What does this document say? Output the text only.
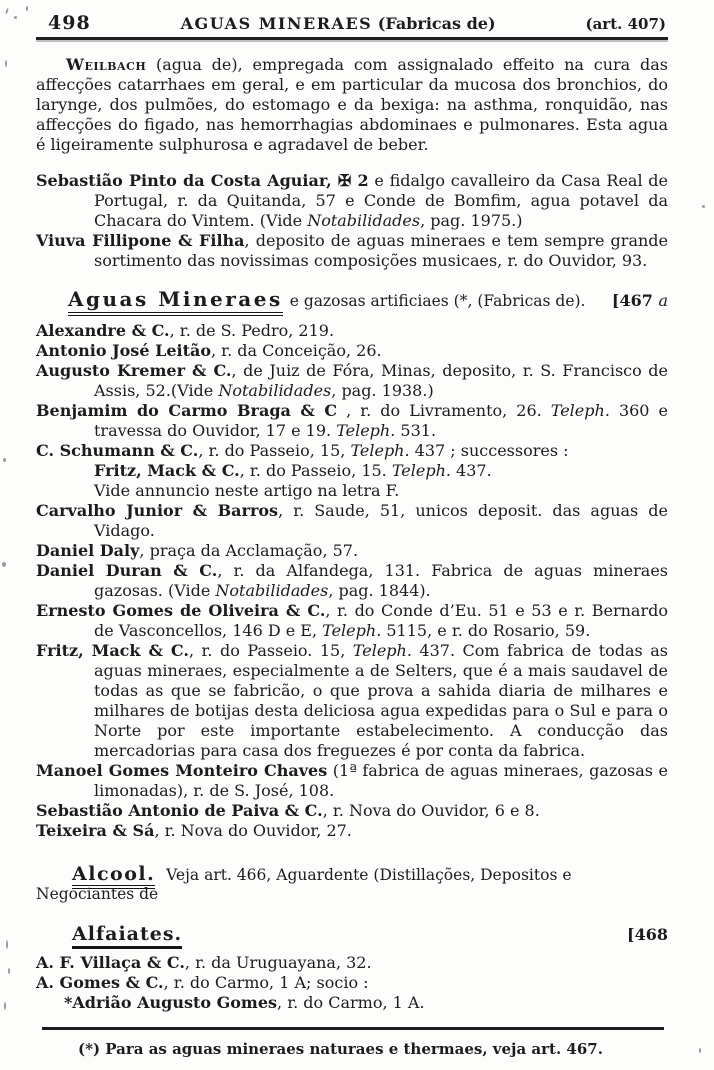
498	AGUAS MINERAES (Fabricas de)	(art. 407)

Weilbach (agua de), empregada com assignalado effeito na cura das affecções catarrhaes em geral, e em particular da mucosa dos bronchios, do larynge, dos pulmões, do estomago e da bexiga: na asthma, ronquidão, nas affecções do figado, nas hemorrhagias abdominaes e pulmonares. Esta agua é ligeiramente sulphurosa e agradavel de beber.

Sebastião Pinto da Costa Aguiar, ✠ 2 e fidalgo cavalleiro da Casa Real de Portugal, r. da Quitanda, 57 e Conde de Bomfim, agua potavel da Chacara do Vintem. (Vide Notabilidades, pag. 1975.)
Viuva Fillipone & Filha, deposito de aguas mineraes e tem sempre grande sortimento das novissimas composições musicaes, r. do Ouvidor, 93.
Aguas Mineraes e gazosas artificiaes (*, (Fabricas de). [467 a
Alexandre & C., r. de S. Pedro, 219.
Antonio José Leitão, r. da Conceição, 26.
Augusto Kremer & C., de Juiz de Fóra, Minas, deposito, r. S. Francisco de Assis, 52.(Vide Notabilidades, pag. 1938.)
Benjamim do Carmo Braga & C , r. do Livramento, 26. Teleph. 360 e travessa do Ouvidor, 17 e 19. Teleph. 531.
C. Schumann & C., r. do Passeio, 15, Teleph. 437 ; successores :
Fritz, Mack & C., r. do Passeio, 15. Teleph. 437.
Vide annuncio neste artigo na letra F.
Carvalho Junior & Barros, r. Saude, 51, unicos deposit. das aguas de Vidago.
Daniel Daly, praça da Acclamação, 57.
Daniel Duran & C., r. da Alfandega, 131. Fabrica de aguas mineraes gazosas. (Vide Notabilidades, pag. 1844).
Ernesto Gomes de Oliveira & C., r. do Conde d’Eu. 51 e 53 e r. Bernardo de Vasconcellos, 146 D e E, Teleph. 5115, e r. do Rosario, 59.
Fritz, Mack & C., r. do Passeio. 15, Teleph. 437. Com fabrica de todas as aguas mineraes, especialmente a de Selters, que é a mais saudavel de todas as que se fabricão, o que prova a sahida diaria de milhares e milhares de botijas desta deliciosa agua expedidas para o Sul e para o Norte por este importante estabelecimento. A conducção das mercadorias para casa dos freguezes é por conta da fabrica.
Manoel Gomes Monteiro Chaves (1ª fabrica de aguas mineraes, gazosas e limonadas), r. de S. José, 108.
Sebastião Antonio de Paiva & C., r. Nova do Ouvidor, 6 e 8.
Teixeira & Sá, r. Nova do Ouvidor, 27.
Alcool. Veja art. 466, Aguardente (Distillações, Depositos e Negociantes de
Alfaiates.	[468
A. F. Villaça & C., r. da Uruguayana, 32.
A. Gomes & C., r. do Carmo, 1 A; socio :
*Adrião Augusto Gomes, r. do Carmo, 1 A.
(*) Para as aguas mineraes naturaes e thermaes, veja art. 467.
